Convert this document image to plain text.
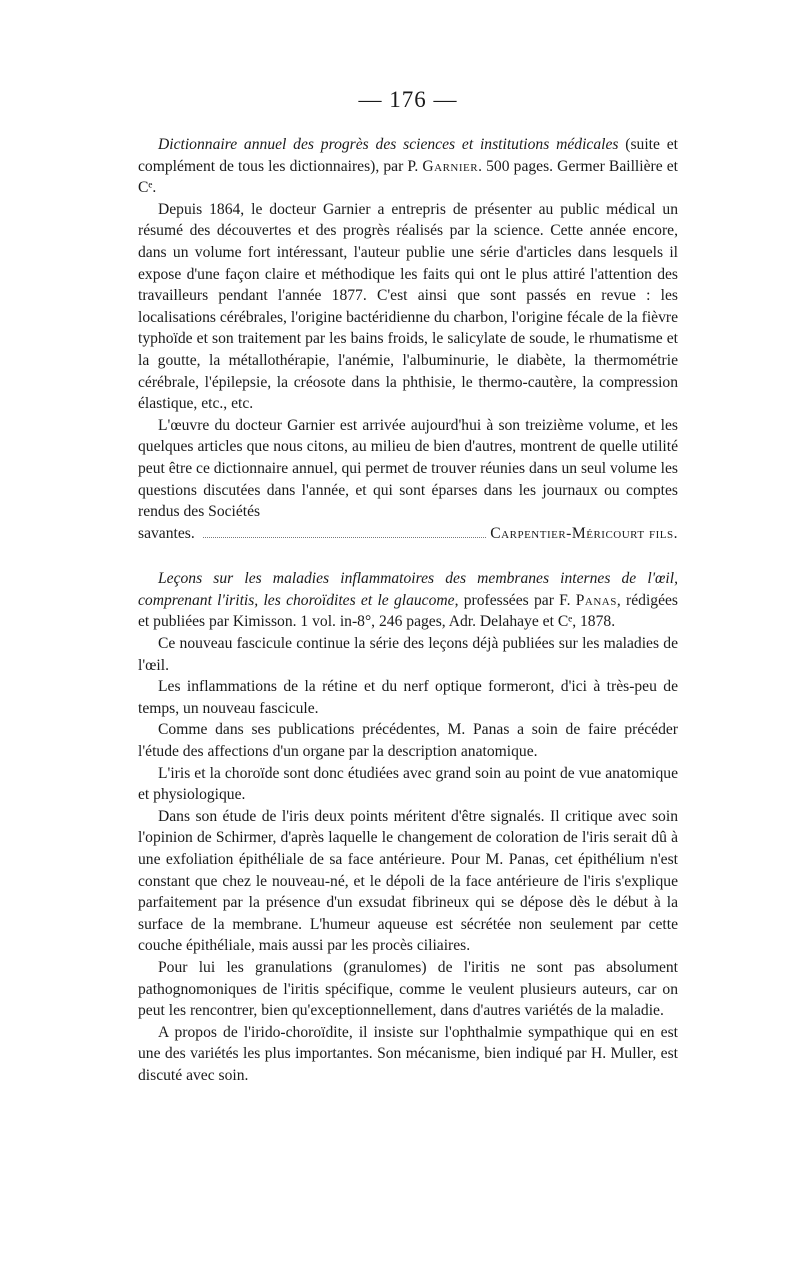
— 176 —

Dictionnaire annuel des progrès des sciences et institutions médicales (suite et complément de tous les dictionnaires), par P. Garnier. 500 pages. Germer Baillière et Cᵉ.

Depuis 1864, le docteur Garnier a entrepris de présenter au public médical un résumé des découvertes et des progrès réalisés par la science. Cette année encore, dans un volume fort intéressant, l'auteur publie une série d'articles dans lesquels il expose d'une façon claire et méthodique les faits qui ont le plus attiré l'attention des travailleurs pendant l'année 1877. C'est ainsi que sont passés en revue : les localisations cérébrales, l'origine bactéridienne du charbon, l'origine fécale de la fièvre typhoïde et son traitement par les bains froids, le salicylate de soude, le rhumatisme et la goutte, la métallothérapie, l'anémie, l'albuminurie, le diabète, la thermométrie cérébrale, l'épilepsie, la créosote dans la phthisie, le thermo-cautère, la compression élastique, etc., etc.

L'œuvre du docteur Garnier est arrivée aujourd'hui à son treizième volume, et les quelques articles que nous citons, au milieu de bien d'autres, montrent de quelle utilité peut être ce dictionnaire annuel, qui permet de trouver réunies dans un seul volume les questions discutées dans l'année, et qui sont éparses dans les journaux ou comptes rendus des Sociétés

savantes.	Carpentier-Méricourt fils.

Leçons sur les maladies inflammatoires des membranes internes de l'œil, comprenant l'iritis, les choroïdites et le glaucome, professées par F. Panas, rédigées et publiées par Kimisson. 1 vol. in-8°, 246 pages, Adr. Delahaye et Cᵉ, 1878.

Ce nouveau fascicule continue la série des leçons déjà publiées sur les maladies de l'œil.

Les inflammations de la rétine et du nerf optique formeront, d'ici à très-peu de temps, un nouveau fascicule.

Comme dans ses publications précédentes, M. Panas a soin de faire précéder l'étude des affections d'un organe par la description anatomique.

L'iris et la choroïde sont donc étudiées avec grand soin au point de vue anatomique et physiologique.

Dans son étude de l'iris deux points méritent d'être signalés. Il critique avec soin l'opinion de Schirmer, d'après laquelle le changement de coloration de l'iris serait dû à une exfoliation épithéliale de sa face antérieure. Pour M. Panas, cet épithélium n'est constant que chez le nouveau-né, et le dépoli de la face antérieure de l'iris s'explique parfaitement par la présence d'un exsudat fibrineux qui se dépose dès le début à la surface de la membrane. L'humeur aqueuse est sécrétée non seulement par cette couche épithéliale, mais aussi par les procès ciliaires.

Pour lui les granulations (granulomes) de l'iritis ne sont pas absolument pathognomoniques de l'iritis spécifique, comme le veulent plusieurs auteurs, car on peut les rencontrer, bien qu'exceptionnellement, dans d'autres variétés de la maladie.

A propos de l'irido-choroïdite, il insiste sur l'ophthalmie sympathique qui en est une des variétés les plus importantes. Son mécanisme, bien indiqué par H. Muller, est discuté avec soin.
